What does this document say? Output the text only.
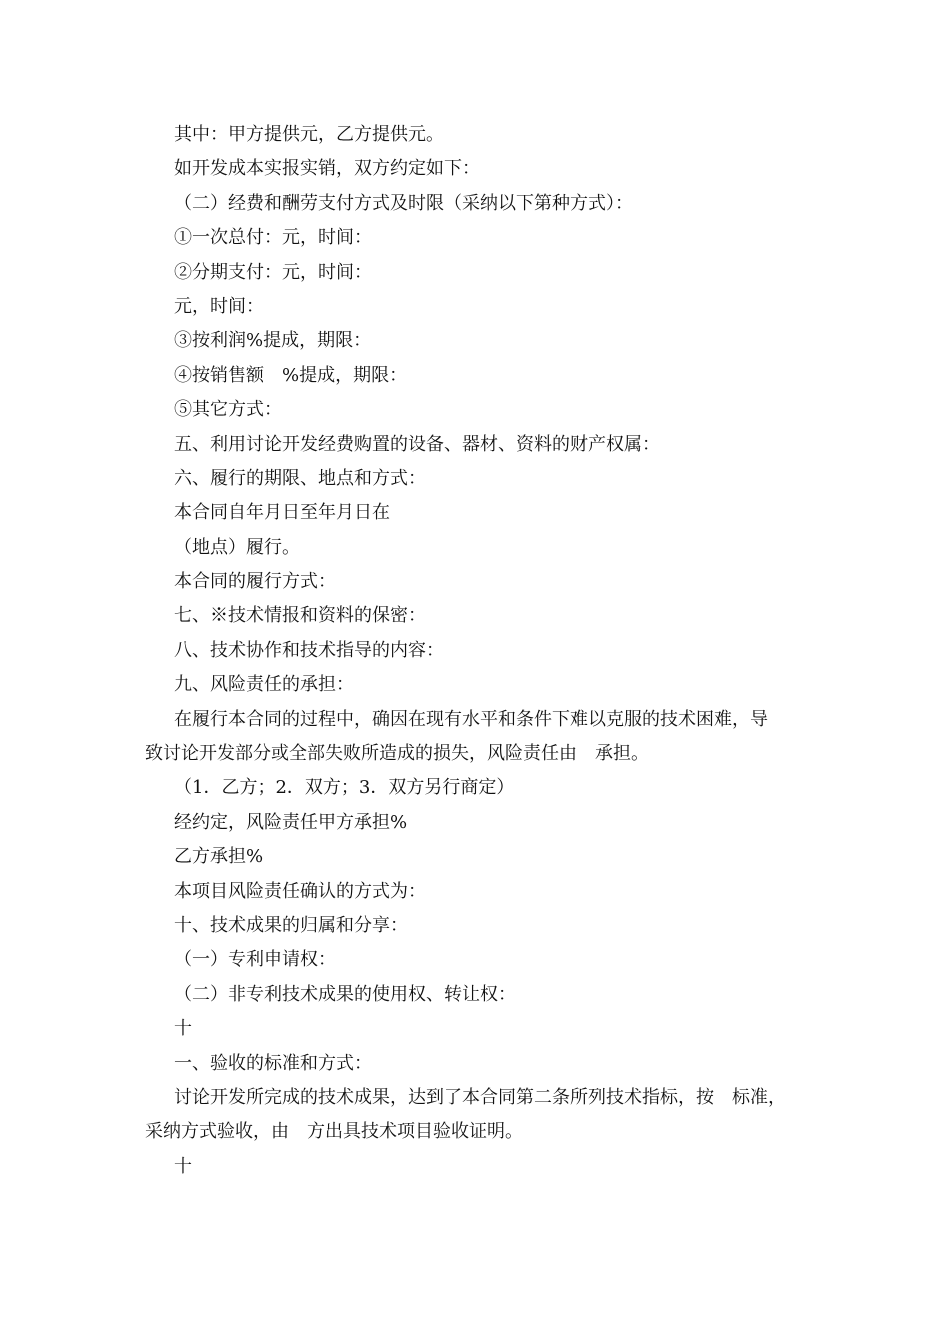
其中：甲方提供元，乙方提供元。

如开发成本实报实销，双方约定如下：

（二）经费和酬劳支付方式及时限（采纳以下第种方式）：

①一次总付：元，时间：

②分期支付：元，时间：

元，时间：

③按利润%提成，期限：

④按销售额　%提成，期限：

⑤其它方式：

五、利用讨论开发经费购置的设备、器材、资料的财产权属：

六、履行的期限、地点和方式：

本合同自年月日至年月日在

（地点）履行。

本合同的履行方式：

七、※技术情报和资料的保密：

八、技术协作和技术指导的内容：

九、风险责任的承担：

在履行本合同的过程中，确因在现有水平和条件下难以克服的技术困难，导

致讨论开发部分或全部失败所造成的损失，风险责任由　承担。

（1．乙方；2．双方；3．双方另行商定）

经约定，风险责任甲方承担%

乙方承担%

本项目风险责任确认的方式为：

十、技术成果的归属和分享：

（一）专利申请权：

（二）非专利技术成果的使用权、转让权：

十

一、验收的标准和方式：

讨论开发所完成的技术成果，达到了本合同第二条所列技术指标，按　标准，

采纳方式验收，由　方出具技术项目验收证明。

十
